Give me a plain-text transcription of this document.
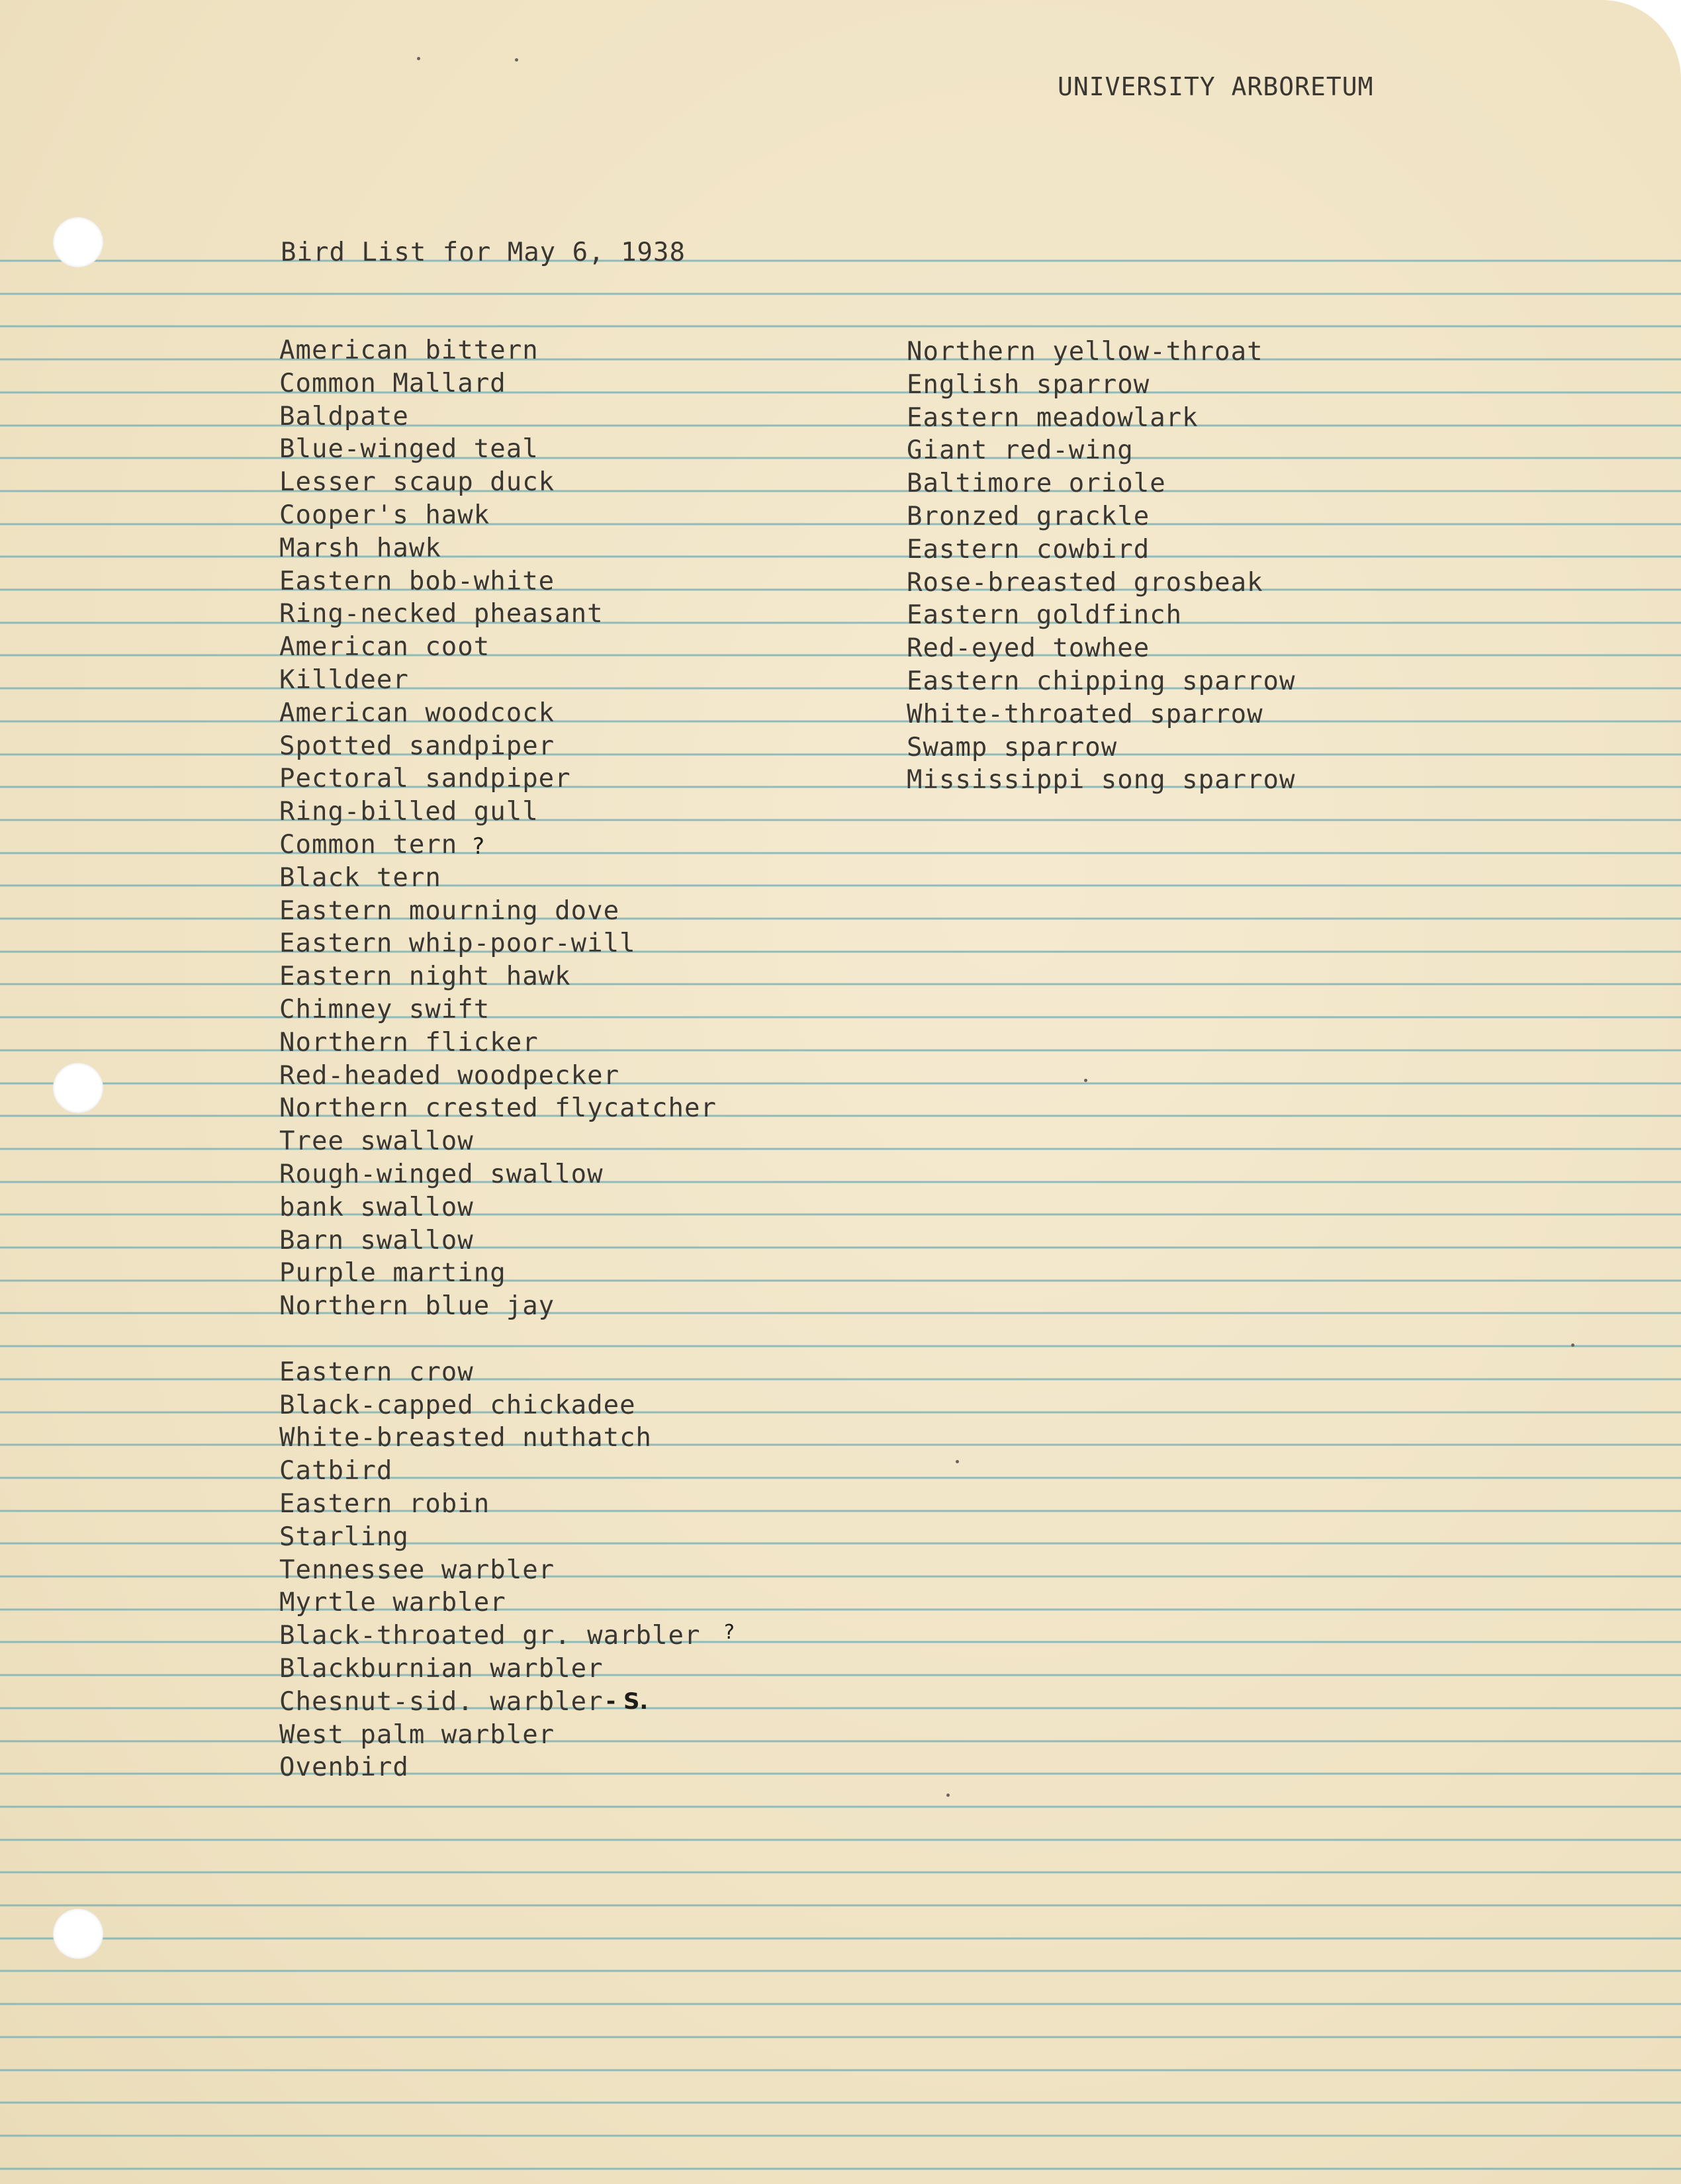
UNIVERSITY ARBORETUM
Bird List for May 6, 1938
American bittern
Common Mallard
Baldpate
Blue-winged teal
Lesser scaup duck
Cooper's hawk
Marsh hawk
Eastern bob-white
Ring-necked pheasant
American coot
Killdeer
American woodcock
Spotted sandpiper
Pectoral sandpiper
Ring-billed gull
Common tern
Black tern
Eastern mourning dove
Eastern whip-poor-will
Eastern night hawk
Chimney swift
Northern flicker
Red-headed woodpecker
Northern crested flycatcher
Tree swallow
Rough-winged swallow
bank swallow
Barn swallow
Purple marting
Northern blue jay
Eastern crow
Black-capped chickadee
White-breasted nuthatch
Catbird
Eastern robin
Starling
Tennessee warbler
Myrtle warbler
Black-throated gr. warbler
Blackburnian warbler
Chesnut-sid. warbler
West palm warbler
Ovenbird
Northern yellow-throat
English sparrow
Eastern meadowlark
Giant red-wing
Baltimore oriole
Bronzed grackle
Eastern cowbird
Rose-breasted grosbeak
Eastern goldfinch
Red-eyed towhee
Eastern chipping sparrow
White-throated sparrow
Swamp sparrow
Mississippi song sparrow
?
?
- S.
